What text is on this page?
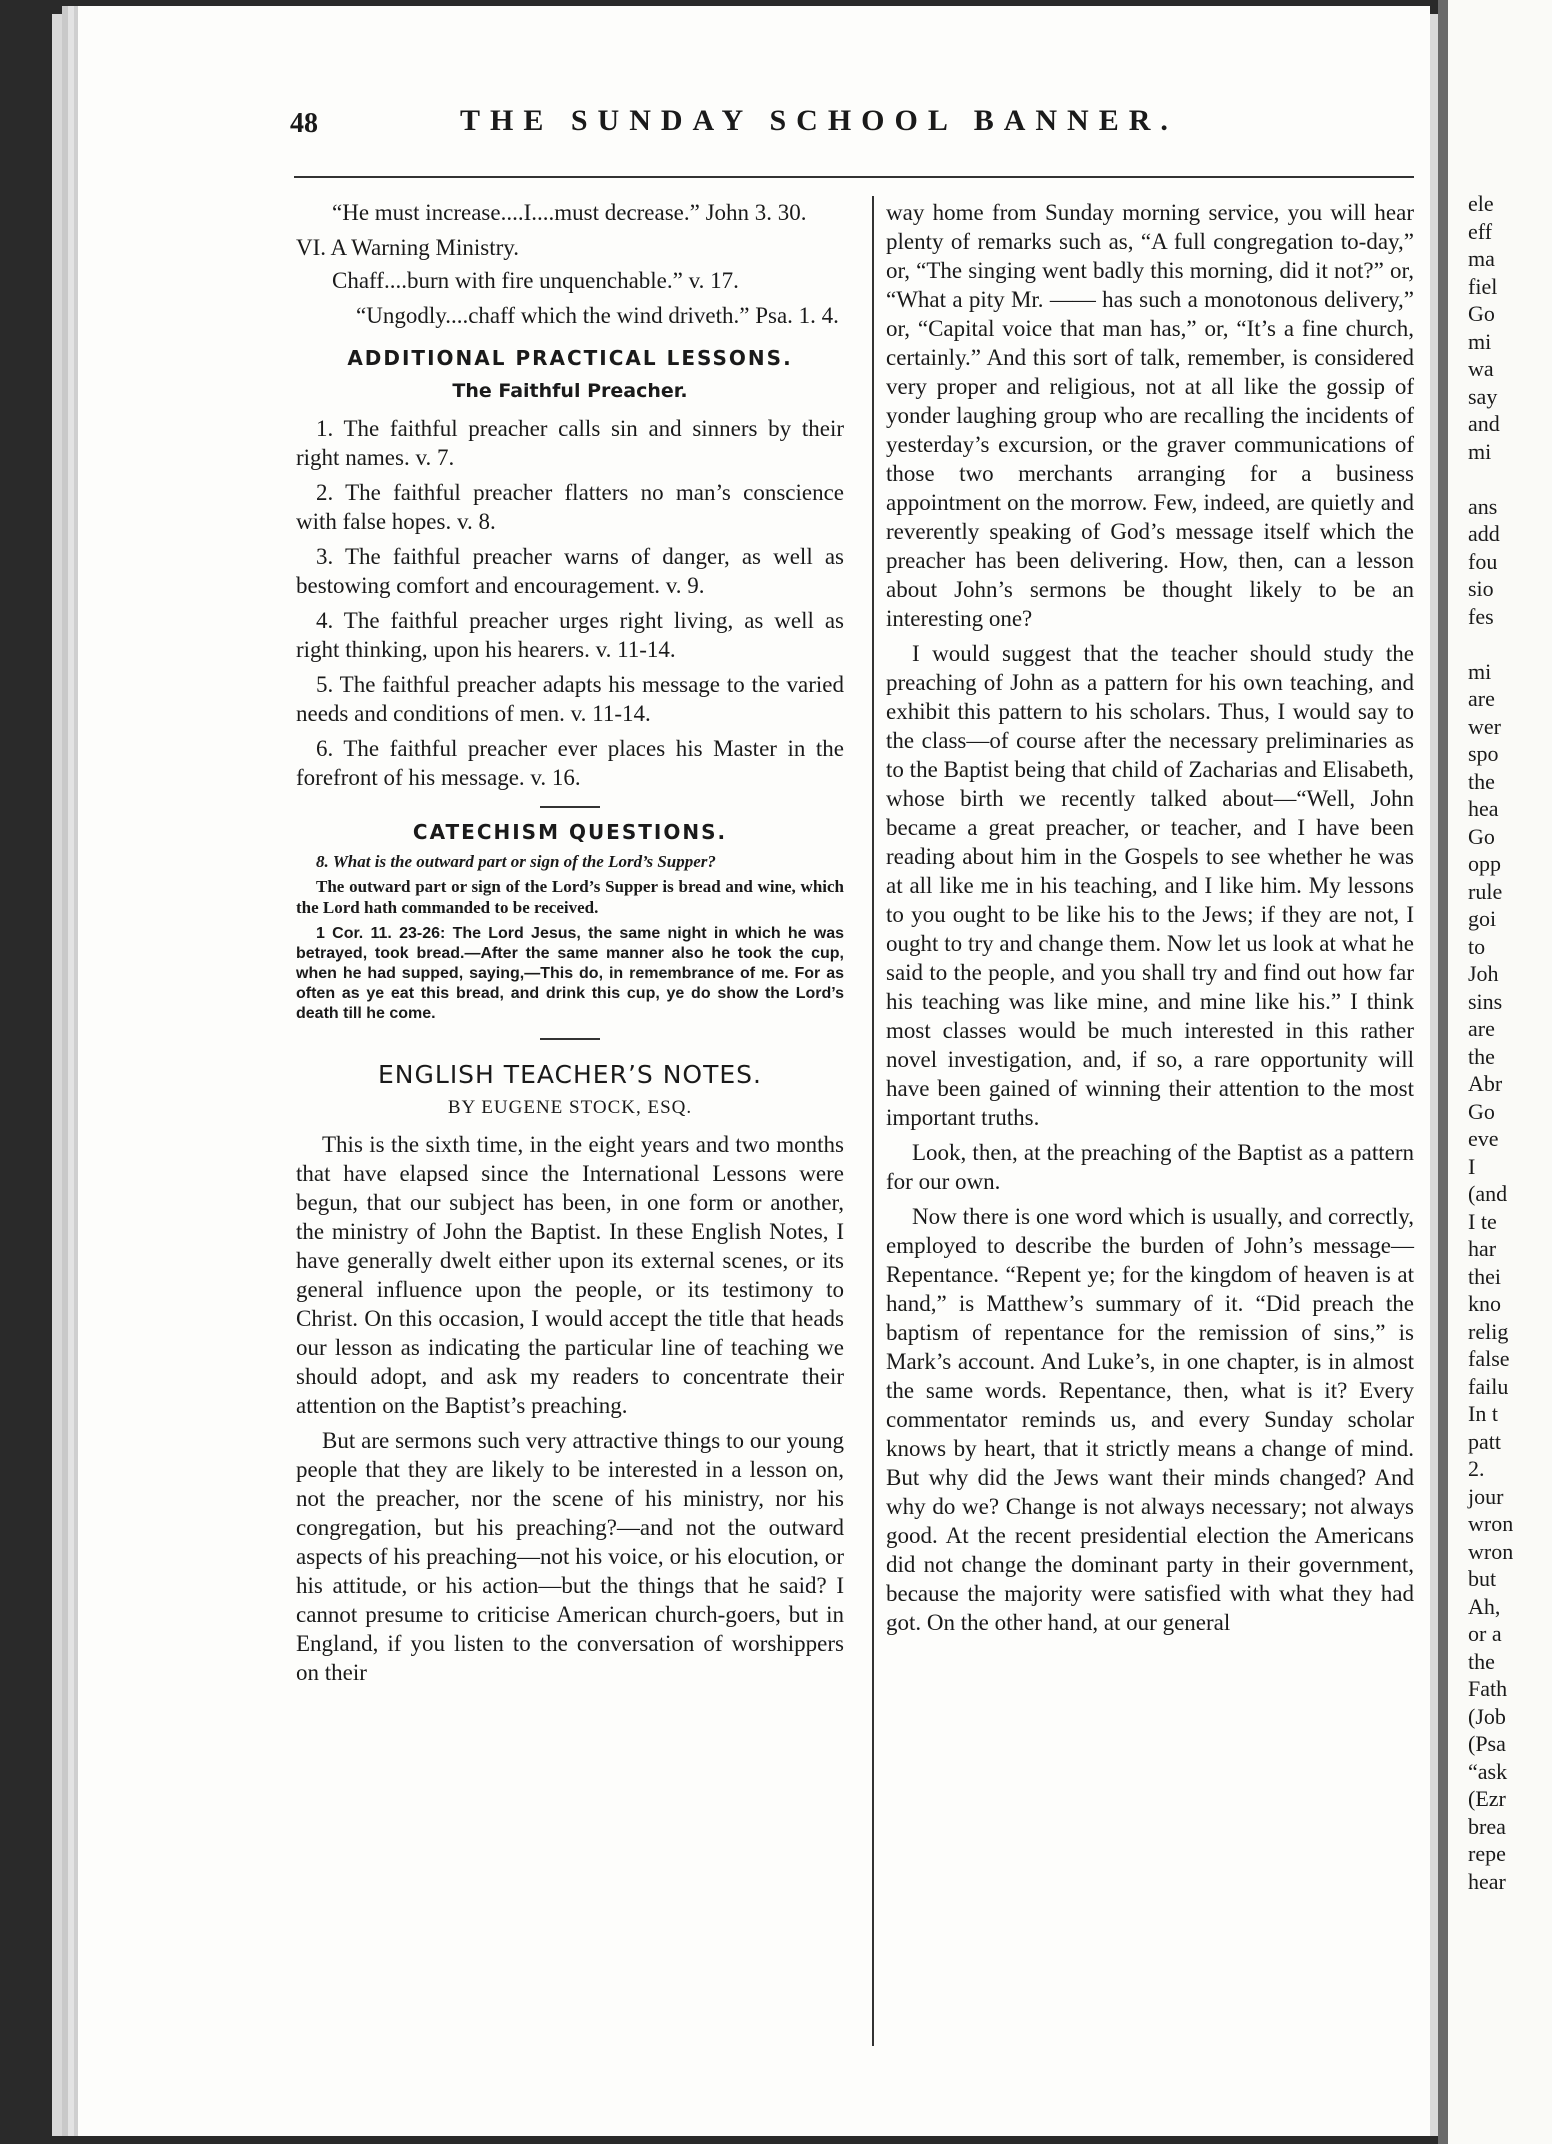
ele
eff
ma
fiel
Go
mi
wa
say
and
mi
ans
add
fou
sio
fes
mi
are
wer
spo
the
hea
Go
opp
rule
goi
to
Joh
sins
are
the
Abr
Go
eve
I
(and
I te
har
thei
kno
relig
false
failu
In t
patt
2.
jour
wron
wron
but
Ah,
or a
the
Fath
(Job
(Psa
“ask
(Ezr
brea
repe
hear
48	THE SUNDAY SCHOOL BANNER.

“He must increase....I....must decrease.” John 3. 30.

VI. A Warning Ministry.

Chaff....burn with fire unquenchable.” v. 17.

“Ungodly....chaff which the wind driveth.” Psa. 1. 4.

ADDITIONAL PRACTICAL LESSONS.
The Faithful Preacher.

1. The faithful preacher calls sin and sinners by their right names. v. 7.

2. The faithful preacher flatters no man’s conscience with false hopes. v. 8.

3. The faithful preacher warns of danger, as well as bestowing comfort and encouragement. v. 9.

4. The faithful preacher urges right living, as well as right thinking, upon his hearers. v. 11-14.

5. The faithful preacher adapts his message to the varied needs and conditions of men. v. 11-14.

6. The faithful preacher ever places his Master in the forefront of his message. v. 16.

CATECHISM QUESTIONS.

8. What is the outward part or sign of the Lord’s Supper?

The outward part or sign of the Lord’s Supper is bread and wine, which the Lord hath commanded to be received.

1 Cor. 11. 23-26: The Lord Jesus, the same night in which he was betrayed, took bread.—After the same manner also he took the cup, when he had supped, saying,—This do, in remembrance of me. For as often as ye eat this bread, and drink this cup, ye do show the Lord’s death till he come.

ENGLISH TEACHER’S NOTES.
BY EUGENE STOCK, ESQ.

This is the sixth time, in the eight years and two months that have elapsed since the International Lessons were begun, that our subject has been, in one form or another, the ministry of John the Baptist. In these English Notes, I have generally dwelt either upon its external scenes, or its general influence upon the people, or its testimony to Christ. On this occasion, I would accept the title that heads our lesson as indicating the particular line of teaching we should adopt, and ask my readers to concentrate their attention on the Baptist’s preaching.

But are sermons such very attractive things to our young people that they are likely to be interested in a lesson on, not the preacher, nor the scene of his ministry, nor his congregation, but his preaching?—and not the outward aspects of his preaching—not his voice, or his elocution, or his attitude, or his action—but the things that he said? I cannot presume to criticise American church-goers, but in England, if you listen to the conversation of worshippers on their

way home from Sunday morning service, you will hear plenty of remarks such as, “A full congregation to-day,” or, “The singing went badly this morning, did it not?” or, “What a pity Mr. —— has such a monotonous delivery,” or, “Capital voice that man has,” or, “It’s a fine church, certainly.” And this sort of talk, remember, is considered very proper and religious, not at all like the gossip of yonder laughing group who are recalling the incidents of yesterday’s excursion, or the graver communications of those two merchants arranging for a business appointment on the morrow. Few, indeed, are quietly and reverently speaking of God’s message itself which the preacher has been delivering. How, then, can a lesson about John’s sermons be thought likely to be an interesting one?

I would suggest that the teacher should study the preaching of John as a pattern for his own teaching, and exhibit this pattern to his scholars. Thus, I would say to the class—of course after the necessary preliminaries as to the Baptist being that child of Zacharias and Elisabeth, whose birth we recently talked about—“Well, John became a great preacher, or teacher, and I have been reading about him in the Gospels to see whether he was at all like me in his teaching, and I like him. My lessons to you ought to be like his to the Jews; if they are not, I ought to try and change them. Now let us look at what he said to the people, and you shall try and find out how far his teaching was like mine, and mine like his.” I think most classes would be much interested in this rather novel investigation, and, if so, a rare opportunity will have been gained of winning their attention to the most important truths.

Look, then, at the preaching of the Baptist as a pattern for our own.

Now there is one word which is usually, and correctly, employed to describe the burden of John’s message—Repentance. “Repent ye; for the kingdom of heaven is at hand,” is Matthew’s summary of it. “Did preach the baptism of repentance for the remission of sins,” is Mark’s account. And Luke’s, in one chapter, is in almost the same words. Repentance, then, what is it? Every commentator reminds us, and every Sunday scholar knows by heart, that it strictly means a change of mind. But why did the Jews want their minds changed? And why do we? Change is not always necessary; not always good. At the recent presidential election the Americans did not change the dominant party in their government, because the majority were satisfied with what they had got. On the other hand, at our general
